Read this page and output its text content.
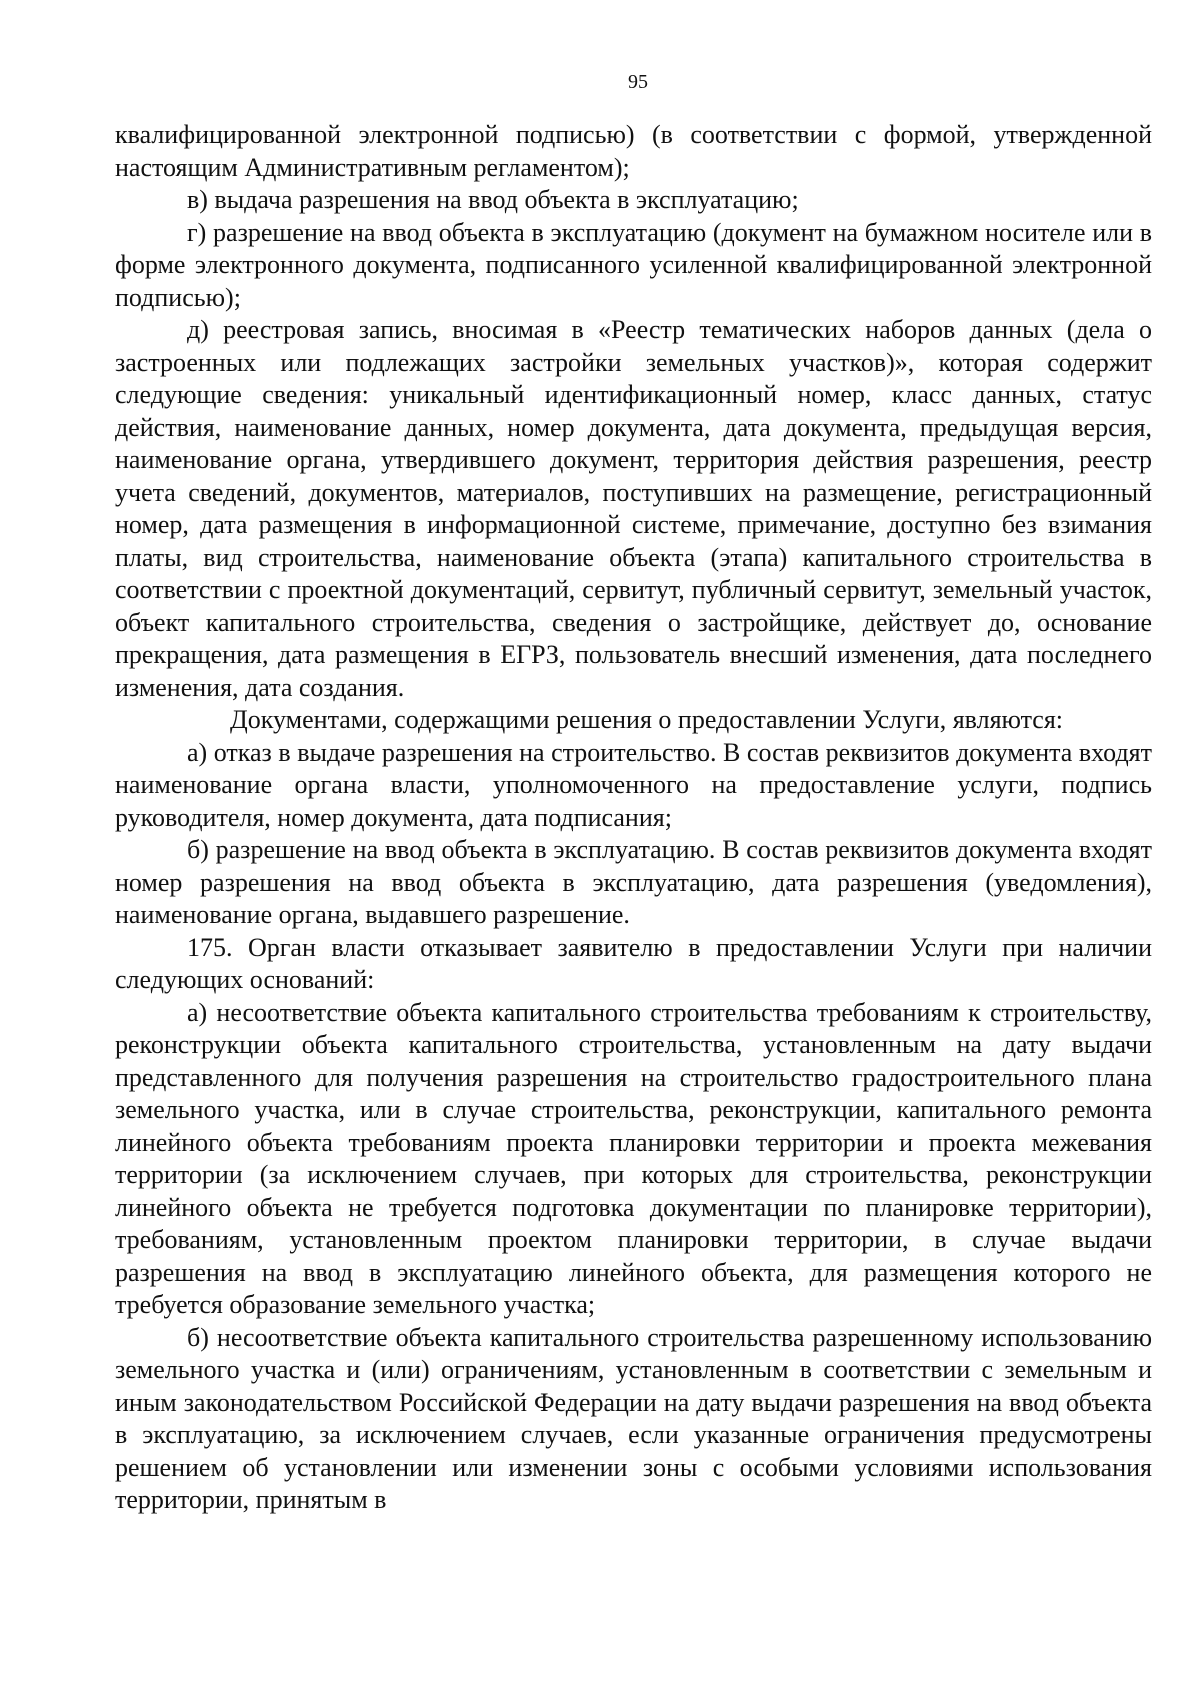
95

квалифицированной электронной подписью) (в соответствии с формой, утвержденной настоящим Административным регламентом);

в) выдача разрешения на ввод объекта в эксплуатацию;

г) разрешение на ввод объекта в эксплуатацию (документ на бумажном носителе или в форме электронного документа, подписанного усиленной квалифицированной электронной подписью);

д) реестровая запись, вносимая в «Реестр тематических наборов данных (дела о застроенных или подлежащих застройки земельных участков)», которая содержит следующие сведения: уникальный идентификационный номер, класс данных, статус действия, наименование данных, номер документа, дата документа, предыдущая версия, наименование органа, утвердившего документ, территория действия разрешения, реестр учета сведений, документов, материалов, поступивших на размещение, регистрационный номер, дата размещения в информационной системе, примечание, доступно без взимания платы, вид строительства, наименование объекта (этапа) капитального строительства в соответствии с проектной документаций, сервитут, публичный сервитут, земельный участок, объект капитального строительства, сведения о застройщике, действует до, основание прекращения, дата размещения в ЕГРЗ, пользователь внесший изменения, дата последнего изменения, дата создания.

Документами, содержащими решения о предоставлении Услуги, являются:

а) отказ в выдаче разрешения на строительство. В состав реквизитов документа входят наименование органа власти, уполномоченного на предоставление услуги, подпись руководителя, номер документа, дата подписания;

б) разрешение на ввод объекта в эксплуатацию. В состав реквизитов документа входят номер разрешения на ввод объекта в эксплуатацию, дата разрешения (уведомления), наименование органа, выдавшего разрешение.

175. Орган власти отказывает заявителю в предоставлении Услуги при наличии следующих оснований:

а) несоответствие объекта капитального строительства требованиям к строительству, реконструкции объекта капитального строительства, установленным на дату выдачи представленного для получения разрешения на строительство градостроительного плана земельного участка, или в случае строительства, реконструкции, капитального ремонта линейного объекта требованиям проекта планировки территории и проекта межевания территории (за исключением случаев, при которых для строительства, реконструкции линейного объекта не требуется подготовка документации по планировке территории), требованиям, установленным проектом планировки территории, в случае выдачи разрешения на ввод в эксплуатацию линейного объекта, для размещения которого не требуется образование земельного участка;

б) несоответствие объекта капитального строительства разрешенному использованию земельного участка и (или) ограничениям, установленным в соответствии с земельным и иным законодательством Российской Федерации на дату выдачи разрешения на ввод объекта в эксплуатацию, за исключением случаев, если указанные ограничения предусмотрены решением об установлении или изменении зоны с особыми условиями использования территории, принятым в
